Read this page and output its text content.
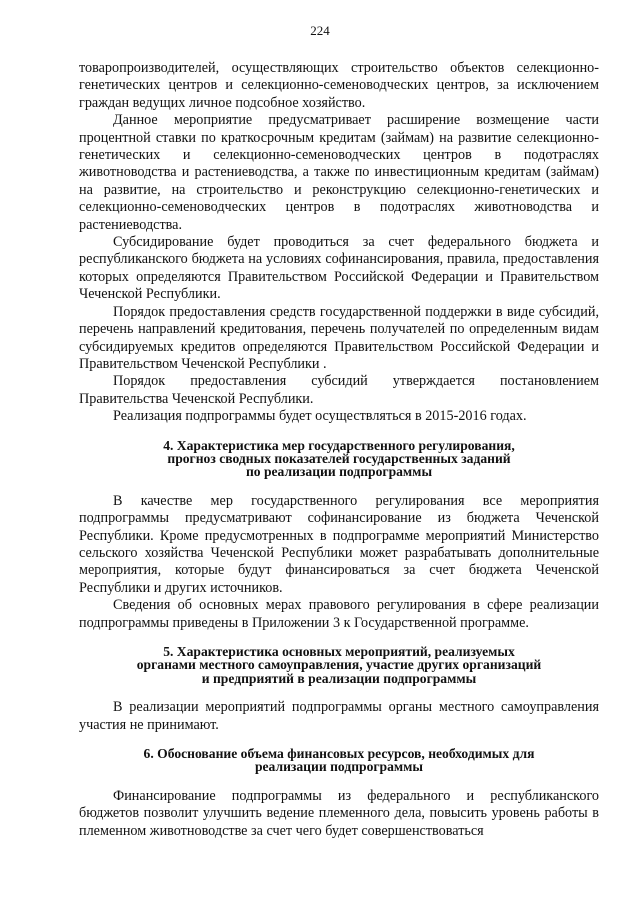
224

товаропроизводителей, осуществляющих строительство объектов селекционно-генетических центров и селекционно-семеноводческих центров, за исключением граждан ведущих личное подсобное хозяйство.

Данное мероприятие предусматривает расширение возмещение части процентной ставки по краткосрочным кредитам (займам) на развитие селекционно-генетических и селекционно-семеноводческих центров в подотраслях животноводства и растениеводства, а также по инвестиционным кредитам (займам) на развитие, на строительство и реконструкцию селекционно-генетических и селекционно-семеноводческих центров в подотраслях животноводства и растениеводства.

Субсидирование будет проводиться за счет федерального бюджета и республиканского бюджета на условиях софинансирования, правила, предоставления которых определяются Правительством Российской Федерации и Правительством Чеченской Республики.

Порядок предоставления средств государственной поддержки в виде субсидий, перечень направлений кредитования, перечень получателей по определенным видам субсидируемых кредитов определяются Правительством Российской Федерации и Правительством Чеченской Республики .

Порядок предоставления субсидий утверждается постановлением Правительства Чеченской Республики.

Реализация подпрограммы будет осуществляться в 2015-2016 годах.

4. Характеристика мер государственного регулирования,
прогноз сводных показателей государственных заданий
по реализации подпрограммы

В качестве мер государственного регулирования все мероприятия подпрограммы предусматривают софинансирование из бюджета Чеченской Республики. Кроме предусмотренных в подпрограмме мероприятий Министерство сельского хозяйства Чеченской Республики может разрабатывать дополнительные мероприятия, которые будут финансироваться за счет бюджета Чеченской Республики и других источников.

Сведения об основных мерах правового регулирования в сфере реализации подпрограммы приведены в Приложении 3 к Государственной программе.

5. Характеристика основных мероприятий, реализуемых
органами местного самоуправления, участие других организаций
и предприятий в реализации подпрограммы

В реализации мероприятий подпрограммы органы местного самоуправления участия не принимают.

6. Обоснование объема финансовых ресурсов, необходимых для
реализации подпрограммы

Финансирование подпрограммы из федерального и республиканского бюджетов позволит улучшить ведение племенного дела, повысить уровень работы в племенном животноводстве за счет чего будет совершенствоваться
